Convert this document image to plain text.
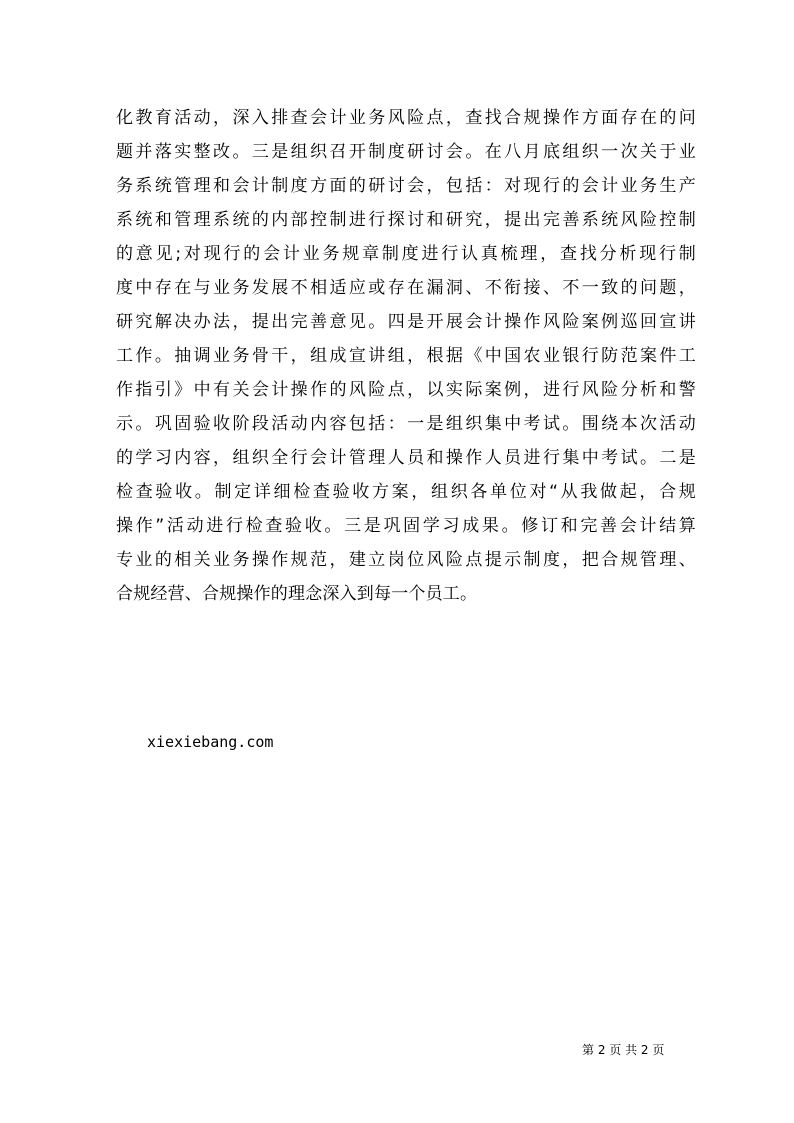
化教育活动，深入排查会计业务风险点，查找合规操作方面存在的问
题并落实整改。三是组织召开制度研讨会。在八月底组织一次关于业
务系统管理和会计制度方面的研讨会，包括：对现行的会计业务生产
系统和管理系统的内部控制进行探讨和研究，提出完善系统风险控制
的意见;对现行的会计业务规章制度进行认真梳理，查找分析现行制
度中存在与业务发展不相适应或存在漏洞、不衔接、不一致的问题，
研究解决办法，提出完善意见。四是开展会计操作风险案例巡回宣讲
工作。抽调业务骨干，组成宣讲组，根据《中国农业银行防范案件工
作指引》中有关会计操作的风险点，以实际案例，进行风险分析和警
示。巩固验收阶段活动内容包括：一是组织集中考试。围绕本次活动
的学习内容，组织全行会计管理人员和操作人员进行集中考试。二是
检查验收。制定详细检查验收方案，组织各单位对“从我做起，合规
操作”活动进行检查验收。三是巩固学习成果。修订和完善会计结算
专业的相关业务操作规范，建立岗位风险点提示制度，把合规管理、
合规经营、合规操作的理念深入到每一个员工。
xiexiebang.com
第 2 页 共 2 页
